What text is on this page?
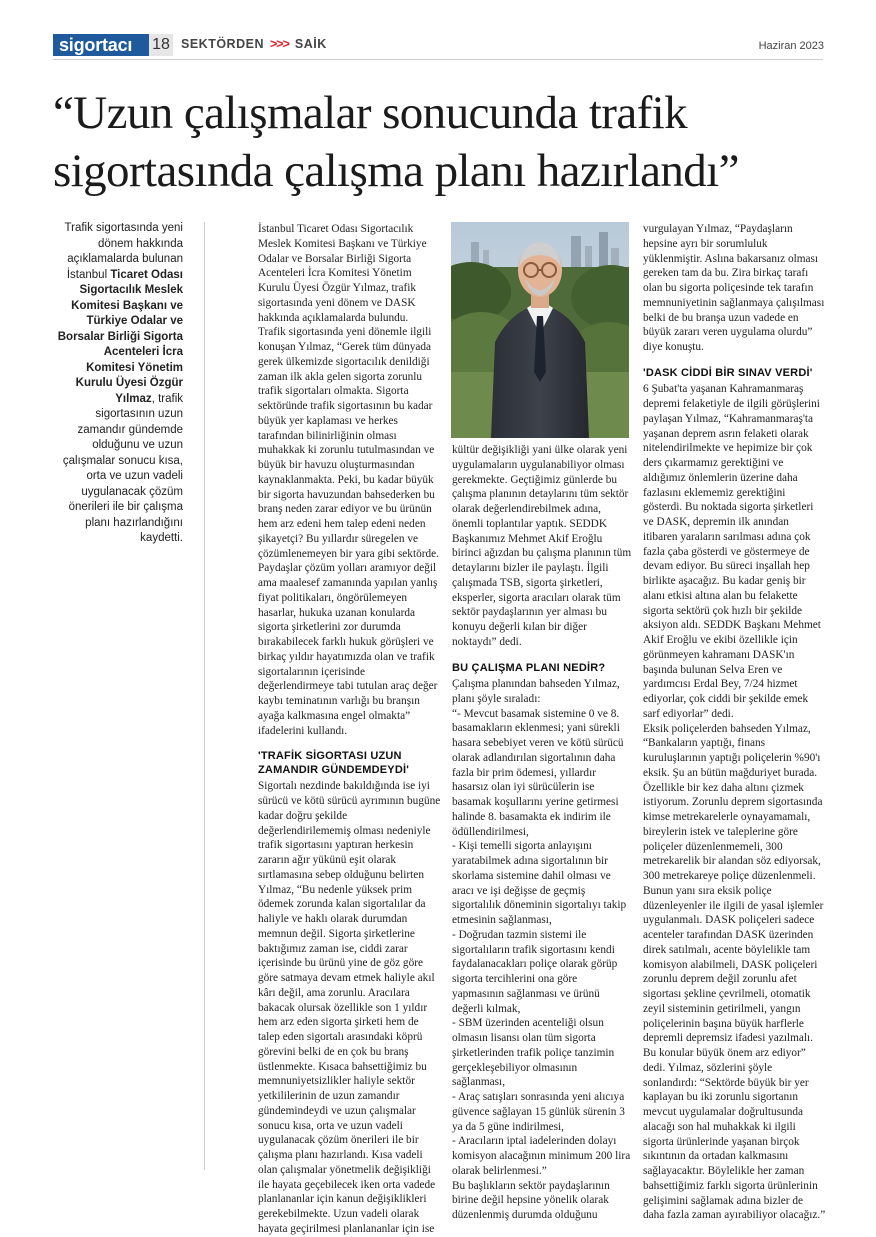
sigortacı	18 SEKTÖRDEN >>> SAİK	Haziran 2023
“Uzun çalışmalar sonucunda trafik sigortasında çalışma planı hazırlandı”
Trafik sigortasında yeni dönem hakkında açıklamalarda bulunan İstanbul Ticaret Odası Sigortacılık Meslek Komitesi Başkanı ve Türkiye Odalar ve Borsalar Birliği Sigorta Acenteleri İcra Komitesi Yönetim Kurulu Üyesi Özgür Yılmaz, trafik sigortasının uzun zamandır gündemde olduğunu ve uzun çalışmalar sonucu kısa, orta ve uzun vadeli uygulanacak çözüm önerileri ile bir çalışma planı hazırlandığını kaydetti.

İstanbul Ticaret Odası Sigortacılık Meslek Komitesi Başkanı ve Türkiye Odalar ve Borsalar Birliği Sigorta Acenteleri İcra Komitesi Yönetim Kurulu Üyesi Özgür Yılmaz, trafik sigortasında yeni dönem ve DASK hakkında açıklamalarda bulundu.

Trafik sigortasında yeni dönemle ilgili konuşan Yılmaz, “Gerek tüm dünyada gerek ülkemizde sigortacılık denildiği zaman ilk akla gelen sigorta zorunlu trafik sigortaları olmakta. Sigorta sektöründe trafik sigortasının bu kadar büyük yer kaplaması ve herkes tarafından bilinirliğinin olması muhakkak ki zorunlu tutulmasından ve büyük bir havuzu oluşturmasından kaynaklanmakta. Peki, bu kadar büyük bir sigorta havuzundan bahsederken bu branş neden zarar ediyor ve bu ürünün hem arz edeni hem talep edeni neden şikayetçi? Bu yıllardır süregelen ve çözümlenemeyen bir yara gibi sektörde. Paydaşlar çözüm yolları aramıyor değil ama maalesef zamanında yapılan yanlış fiyat politikaları, öngörülemeyen hasarlar, hukuka uzanan konularda sigorta şirketlerini zor durumda bırakabilecek farklı hukuk görüşleri ve birkaç yıldır hayatımızda olan ve trafik sigortalarının içerisinde değerlendirmeye tabi tutulan araç değer kaybı teminatının varlığı bu branşın ayağa kalkmasına engel olmakta” ifadelerini kullandı.

'TRAFİK SİGORTASI UZUN ZAMANDIR GÜNDEMDEYDİ'

Sigortalı nezdinde bakıldığında ise iyi sürücü ve kötü sürücü ayrımının bugüne kadar doğru şekilde değerlendirilememiş olması nedeniyle trafik sigortasını yaptıran herkesin zararın ağır yükünü eşit olarak sırtlamasına sebep olduğunu belirten Yılmaz, “Bu nedenle yüksek prim ödemek zorunda kalan sigortalılar da haliyle ve haklı olarak durumdan memnun değil. Sigorta şirketlerine baktığımız zaman ise, ciddi zarar içerisinde bu ürünü yine de göz göre göre satmaya devam etmek haliyle akıl kârı değil, ama zorunlu. Aracılara bakacak olursak özellikle son 1 yıldır hem arz eden sigorta şirketi hem de talep eden sigortalı arasındaki köprü görevini belki de en çok bu branş üstlenmekte. Kısaca bahsettiğimiz bu memnuniyetsizlikler haliyle sektör yetkililerinin de uzun zamandır gündemindeydi ve uzun çalışmalar sonucu kısa, orta ve uzun vadeli uygulanacak çözüm önerileri ile bir çalışma planı hazırlandı. Kısa vadeli olan çalışmalar yönetmelik değişikliği ile hayata geçebilecek iken orta vadede planlananlar için kanun değişiklikleri gerekebilmekte. Uzun vadeli olarak hayata geçirilmesi planlananlar için ise

kültür değişikliği yani ülke olarak yeni uygulamaların uygulanabiliyor olması gerekmekte. Geçtiğimiz günlerde bu çalışma planının detaylarını tüm sektör olarak değerlendirebilmek adına, önemli toplantılar yaptık. SEDDK Başkanımız Mehmet Akif Eroğlu birinci ağızdan bu çalışma planının tüm detaylarını bizler ile paylaştı. İlgili çalışmada TSB, sigorta şirketleri, eksperler, sigorta aracıları olarak tüm sektör paydaşlarının yer alması bu konuyu değerli kılan bir diğer noktaydı” dedi.

BU ÇALIŞMA PLANI NEDİR?

Çalışma planından bahseden Yılmaz, planı şöyle sıraladı:

“- Mevcut basamak sistemine 0 ve 8. basamakların eklenmesi; yani sürekli hasara sebebiyet veren ve kötü sürücü olarak adlandırılan sigortalının daha fazla bir prim ödemesi, yıllardır hasarsız olan iyi sürücülerin ise basamak koşullarını yerine getirmesi halinde 8. basamakta ek indirim ile ödüllendirilmesi,

- Kişi temelli sigorta anlayışını yaratabilmek adına sigortalının bir skorlama sistemine dahil olması ve aracı ve işi değişse de geçmiş sigortalılık döneminin sigortalıyı takip etmesinin sağlanması,

- Doğrudan tazmin sistemi ile sigortalıların trafik sigortasını kendi faydalanacakları poliçe olarak görüp sigorta tercihlerini ona göre yapmasının sağlanması ve ürünü değerli kılmak,

- SBM üzerinden acenteliği olsun olmasın lisansı olan tüm sigorta şirketlerinden trafik poliçe tanzimin gerçekleşebiliyor olmasının sağlanması,

- Araç satışları sonrasında yeni alıcıya güvence sağlayan 15 günlük sürenin 3 ya da 5 güne indirilmesi,

- Aracıların iptal iadelerinden dolayı komisyon alacağının minimum 200 lira olarak belirlenmesi.”

Bu başlıkların sektör paydaşlarının birine değil hepsine yönelik olarak düzenlenmiş durumda olduğunu

vurgulayan Yılmaz, “Paydaşların hepsine ayrı bir sorumluluk yüklenmiştir. Aslına bakarsanız olması gereken tam da bu. Zira birkaç tarafı olan bu sigorta poliçesinde tek tarafın memnuniyetinin sağlanmaya çalışılması belki de bu branşa uzun vadede en büyük zararı veren uygulama olurdu” diye konuştu.

'DASK CİDDİ BİR SINAV VERDİ'

6 Şubat'ta yaşanan Kahramanmaraş depremi felaketiyle de ilgili görüşlerini paylaşan Yılmaz, “Kahramanmaraş'ta yaşanan deprem asrın felaketi olarak nitelendirilmekte ve hepimize bir çok ders çıkarmamız gerektiğini ve aldığımız önlemlerin üzerine daha fazlasını eklememiz gerektiğini gösterdi. Bu noktada sigorta şirketleri ve DASK, depremin ilk anından itibaren yaraların sarılması adına çok fazla çaba gösterdi ve göstermeye de devam ediyor. Bu süreci inşallah hep birlikte aşacağız. Bu kadar geniş bir alanı etkisi altına alan bu felakette sigorta sektörü çok hızlı bir şekilde aksiyon aldı. SEDDK Başkanı Mehmet Akif Eroğlu ve ekibi özellikle için görünmeyen kahramanı DASK'ın başında bulunan Selva Eren ve yardımcısı Erdal Bey, 7/24 hizmet ediyorlar, çok ciddi bir şekilde emek sarf ediyorlar” dedi.

Eksik poliçelerden bahseden Yılmaz, “Bankaların yaptığı, finans kuruluşlarının yaptığı poliçelerin %90'ı eksik. Şu an bütün mağduriyet burada. Özellikle bir kez daha altını çizmek istiyorum. Zorunlu deprem sigortasında kimse metrekarelerle oynayamamalı, bireylerin istek ve taleplerine göre poliçeler düzenlenmemeli, 300 metrekarelik bir alandan söz ediyorsak, 300 metrekareye poliçe düzenlenmeli. Bunun yanı sıra eksik poliçe düzenleyenler ile ilgili de yasal işlemler uygulanmalı. DASK poliçeleri sadece acenteler tarafından DASK üzerinden direk satılmalı, acente böylelikle tam komisyon alabilmeli, DASK poliçeleri zorunlu deprem değil zorunlu afet sigortası şekline çevrilmeli, otomatik zeyil sisteminin getirilmeli, yangın poliçelerinin başına büyük harflerle depremli depremsiz ifadesi yazılmalı. Bu konular büyük önem arz ediyor” dedi. Yılmaz, sözlerini şöyle sonlandırdı: “Sektörde büyük bir yer kaplayan bu iki zorunlu sigortanın mevcut uygulamalar doğrultusunda alacağı son hal muhakkak ki ilgili sigorta ürünlerinde yaşanan birçok sıkıntının da ortadan kalkmasını sağlayacaktır. Böylelikle her zaman bahsettiğimiz farklı sigorta ürünlerinin gelişimini sağlamak adına bizler de daha fazla zaman ayırabiliyor olacağız.”
